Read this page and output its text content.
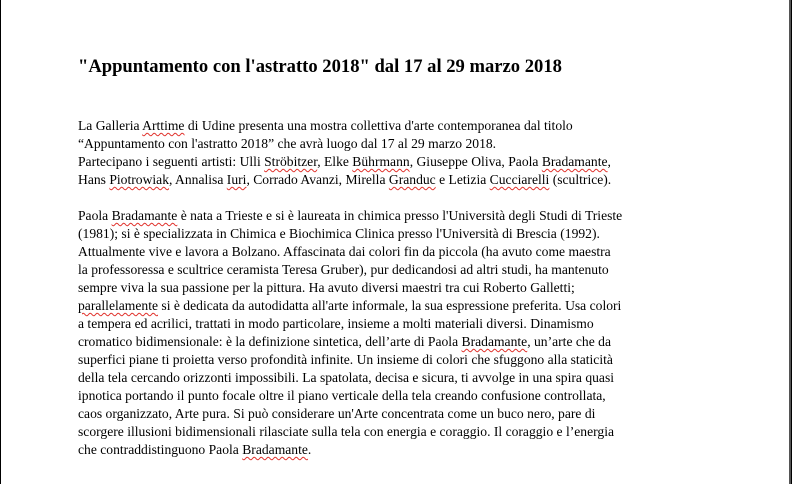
"Appuntamento con l'astratto 2018" dal 17 al 29 marzo 2018
La Galleria Arttime di Udine presenta una mostra collettiva d'arte contemporanea dal titolo
“Appuntamento con l'astratto 2018” che avrà luogo dal 17 al 29 marzo 2018.
Partecipano i seguenti artisti: Ulli Ströbitzer, Elke Bührmann, Giuseppe Oliva, Paola Bradamante,
Hans Piotrowiak, Annalisa Iuri, Corrado Avanzi, Mirella Granduc e Letizia Cucciarelli (scultrice).
Paola Bradamante è nata a Trieste e si è laureata in chimica presso l'Università degli Studi di Trieste
(1981); si è specializzata in Chimica e Biochimica Clinica presso l'Università di Brescia (1992).
Attualmente vive e lavora a Bolzano. Affascinata dai colori fin da piccola (ha avuto come maestra
la professoressa e scultrice ceramista Teresa Gruber), pur dedicandosi ad altri studi, ha mantenuto
sempre viva la sua passione per la pittura. Ha avuto diversi maestri tra cui Roberto Galletti;
parallelamente si è dedicata da autodidatta all'arte informale, la sua espressione preferita. Usa colori
a tempera ed acrilici, trattati in modo particolare, insieme a molti materiali diversi. Dinamismo
cromatico bidimensionale: è la definizione sintetica, dell’arte di Paola Bradamante, un’arte che da
superfici piane ti proietta verso profondità infinite. Un insieme di colori che sfuggono alla staticità
della tela cercando orizzonti impossibili. La spatolata, decisa e sicura, ti avvolge in una spira quasi
ipnotica portando il punto focale oltre il piano verticale della tela creando confusione controllata,
caos organizzato, Arte pura. Si può considerare un'Arte concentrata come un buco nero, pare di
scorgere illusioni bidimensionali rilasciate sulla tela con energia e coraggio. Il coraggio e l’energia
che contraddistinguono Paola Bradamante.
